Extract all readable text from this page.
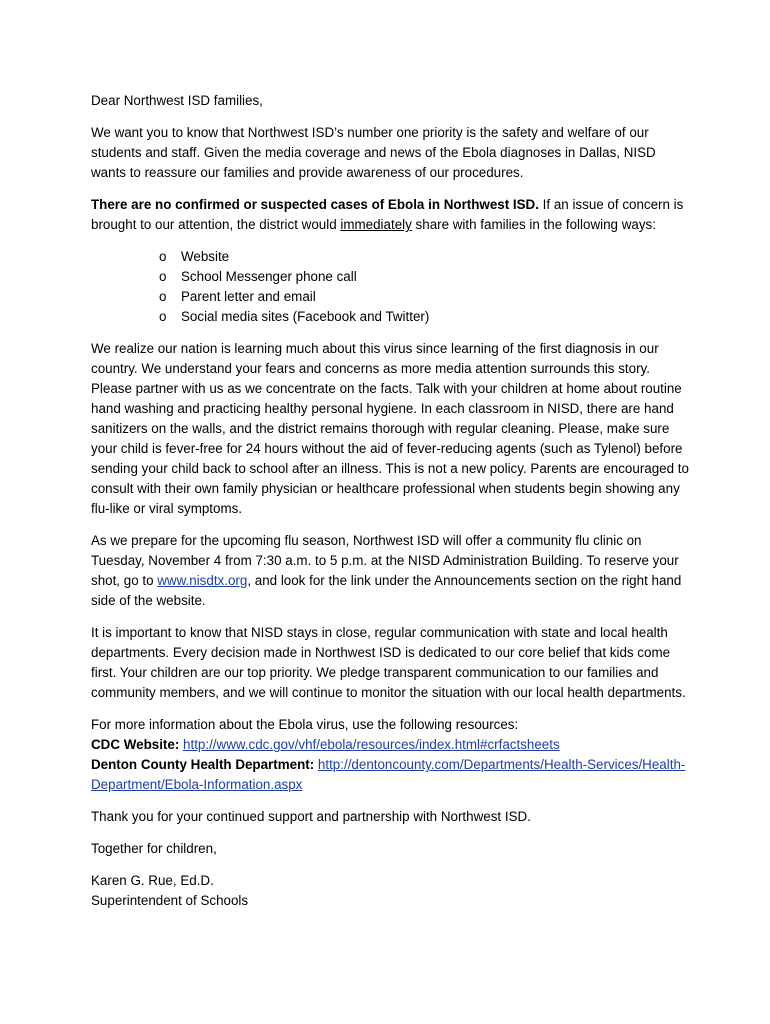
Dear Northwest ISD families,

We want you to know that Northwest ISD’s number one priority is the safety and welfare of our students and staff. Given the media coverage and news of the Ebola diagnoses in Dallas, NISD wants to reassure our families and provide awareness of our procedures.

There are no confirmed or suspected cases of Ebola in Northwest ISD. If an issue of concern is brought to our attention, the district would immediately share with families in the following ways:

o Website
o School Messenger phone call
o Parent letter and email
o Social media sites (Facebook and Twitter)

We realize our nation is learning much about this virus since learning of the first diagnosis in our country. We understand your fears and concerns as more media attention surrounds this story. Please partner with us as we concentrate on the facts. Talk with your children at home about routine hand washing and practicing healthy personal hygiene. In each classroom in NISD, there are hand sanitizers on the walls, and the district remains thorough with regular cleaning. Please, make sure your child is fever-free for 24 hours without the aid of fever-reducing agents (such as Tylenol) before sending your child back to school after an illness. This is not a new policy. Parents are encouraged to consult with their own family physician or healthcare professional when students begin showing any flu-like or viral symptoms.

As we prepare for the upcoming flu season, Northwest ISD will offer a community flu clinic on Tuesday, November 4 from 7:30 a.m. to 5 p.m. at the NISD Administration Building. To reserve your shot, go to www.nisdtx.org, and look for the link under the Announcements section on the right hand side of the website.

It is important to know that NISD stays in close, regular communication with state and local health departments. Every decision made in Northwest ISD is dedicated to our core belief that kids come first. Your children are our top priority. We pledge transparent communication to our families and community members, and we will continue to monitor the situation with our local health departments.

For more information about the Ebola virus, use the following resources:
CDC Website: http://www.cdc.gov/vhf/ebola/resources/index.html#crfactsheets
Denton County Health Department: http://dentoncounty.com/Departments/Health-Services/Health-Department/Ebola-Information.aspx

Thank you for your continued support and partnership with Northwest ISD.

Together for children,

Karen G. Rue, Ed.D.
Superintendent of Schools
